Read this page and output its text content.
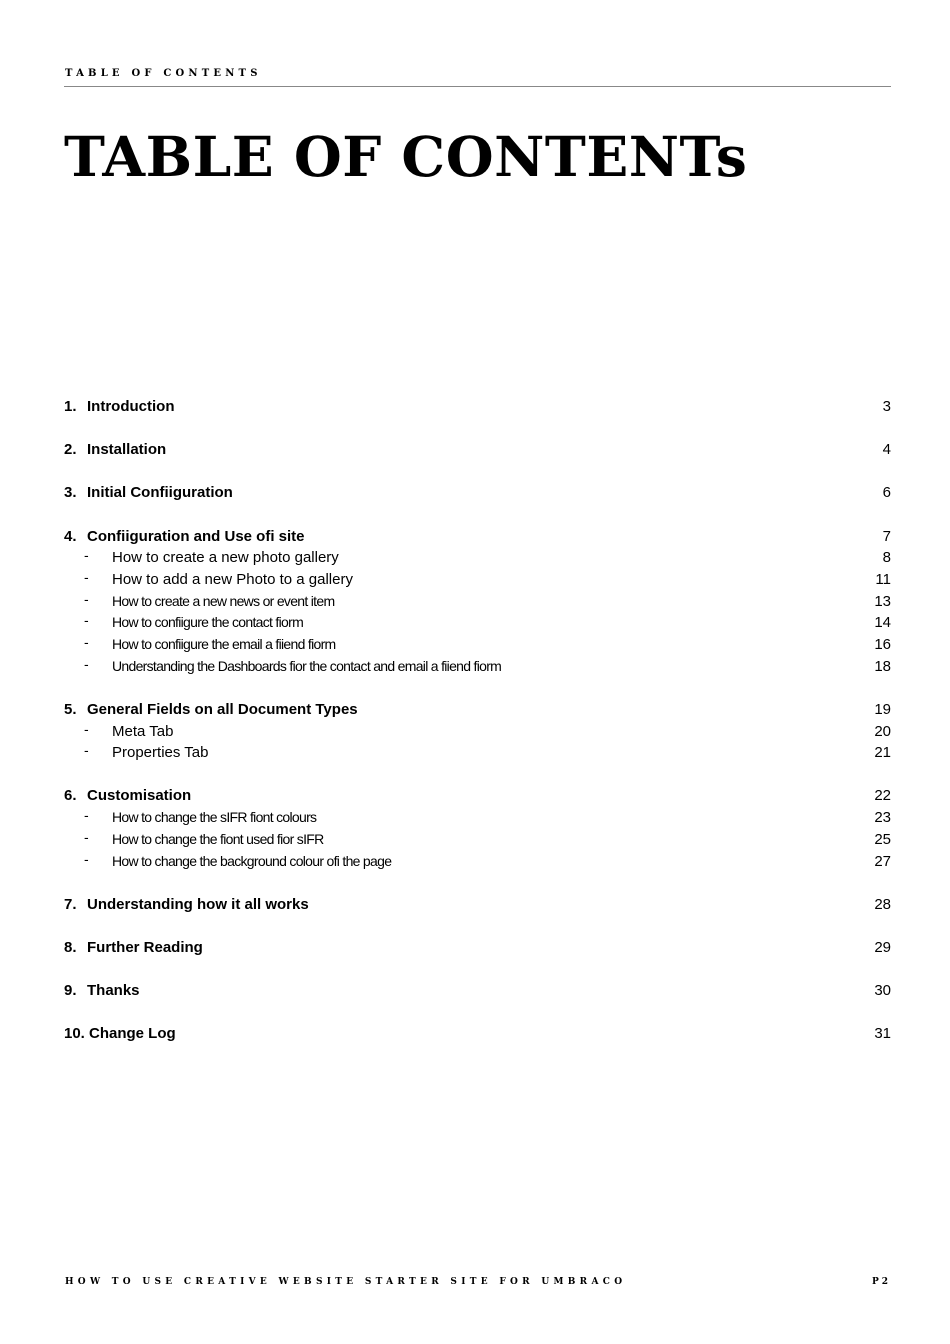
TABLE OF CONTENTS
TABLE OF CONTENTs
1. Introduction	3
2. Installation	4
3. Initial Confiiguration	6
4. Confiiguration and Use ofi site	7
- How to create a new photo gallery	8
- How to add a new Photo to a gallery	11
- How to create a new news or event item	13
- How to confiigure the contact fiorm	14
- How to confiigure the email a fiiend fiorm	16
- Understanding the Dashboards fior the contact and email a fiiend fiorm	18
5. General Fields on all Document Types	19
- Meta Tab	20
- Properties Tab	21
6. Customisation	22
- How to change the sIFR fiont colours	23
- How to change the fiont used fior sIFR	25
- How to change the background colour ofi the page	27
7. Understanding how it all works	28
8. Further Reading	29
9. Thanks	30
10. Change Log	31
HOW TO USE CREATIVE WEBSITE STARTER SITE FOR UMBRACO	P2
